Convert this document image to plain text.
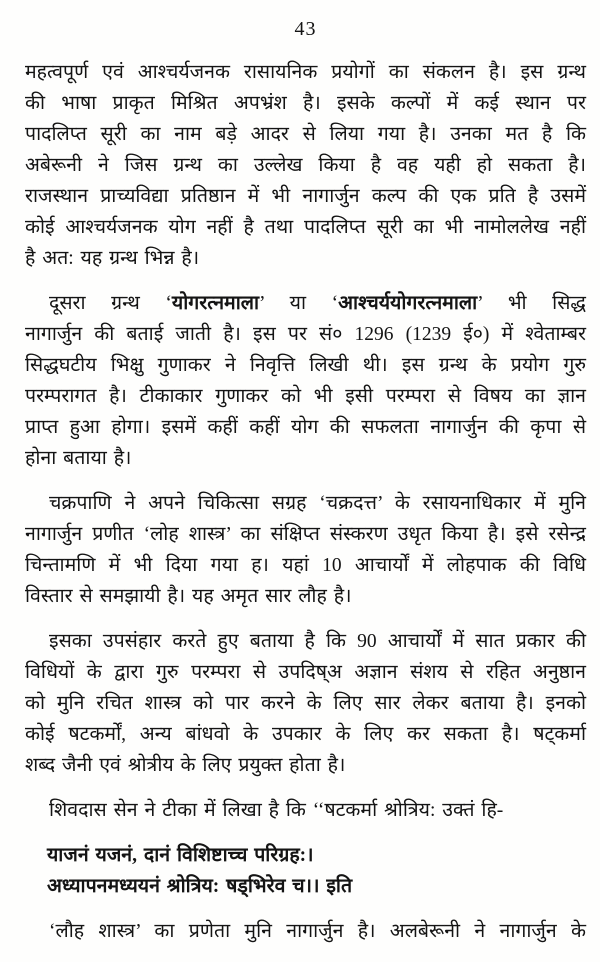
43
महत्वपूर्ण एवं आश्चर्यजनक रासायनिक प्रयोगों का संकलन है। इस ग्रन्थ
की भाषा प्राकृत मिश्रित अपभ्रंश है। इसके कल्पों में कई स्थान पर
पादलिप्त सूरी का नाम बड़े आदर से लिया गया है। उनका मत है कि
अबेरूनी ने जिस ग्रन्थ का उल्लेख किया है वह यही हो सकता है।
राजस्थान प्राच्यविद्या प्रतिष्ठान में भी नागार्जुन कल्प की एक प्रति है उसमें
कोई आश्चर्यजनक योग नहीं है तथा पादलिप्त सूरी का भी नामोललेख नहीं
है अत: यह ग्रन्थ भिन्न है।
दूसरा ग्रन्थ ‘योगरत्नमाला’ या ‘आश्चर्ययोगरत्नमाला’ भी सिद्ध
नागार्जुन की बताई जाती है। इस पर सं० 1296 (1239 ई०) में श्वेताम्बर
सिद्धघटीय भिक्षु गुणाकर ने निवृत्ति लिखी थी। इस ग्रन्थ के प्रयोग गुरु
परम्परागत है। टीकाकार गुणाकर को भी इसी परम्परा से विषय का ज्ञान
प्राप्त हुआ होगा। इसमें कहीं कहीं योग की सफलता नागार्जुन की कृपा से
होना बताया है।
चक्रपाणि ने अपने चिकित्सा सग्रह ‘चक्रदत्त’ के रसायनाधिकार में मुनि
नागार्जुन प्रणीत ‘लोह शास्त्र’ का संक्षिप्त संस्करण उधृत किया है। इसे रसेन्द्र
चिन्तामणि में भी दिया गया ह। यहां 10 आचार्यों में लोहपाक की विधि
विस्तार से समझायी है। यह अमृत सार लौह है।
इसका उपसंहार करते हुए बताया है कि 90 आचार्यों में सात प्रकार की
विधियों के द्वारा गुरु परम्परा से उपदिष्अ अज्ञान संशय से रहित अनुष्ठान
को मुनि रचित शास्त्र को पार करने के लिए सार लेकर बताया है। इनको
कोई षटकर्मों, अन्य बांधवो के उपकार के लिए कर सकता है। षट्कर्मा
शब्द जैनी एवं श्रोत्रीय के लिए प्रयुक्त होता है।
शिवदास सेन ने टीका में लिखा है कि ‘‘षटकर्मा श्रोत्रिय: उक्तं हि-
याजनं यजनं, दानं विशिष्टाच्च परिग्रह:।
अध्यापनमध्ययनं श्रोत्रिय: षड्भिरेव च।। इति
‘लौह शास्त्र’ का प्रणेता मुनि नागार्जुन है। अलबेरूनी ने नागार्जुन के
